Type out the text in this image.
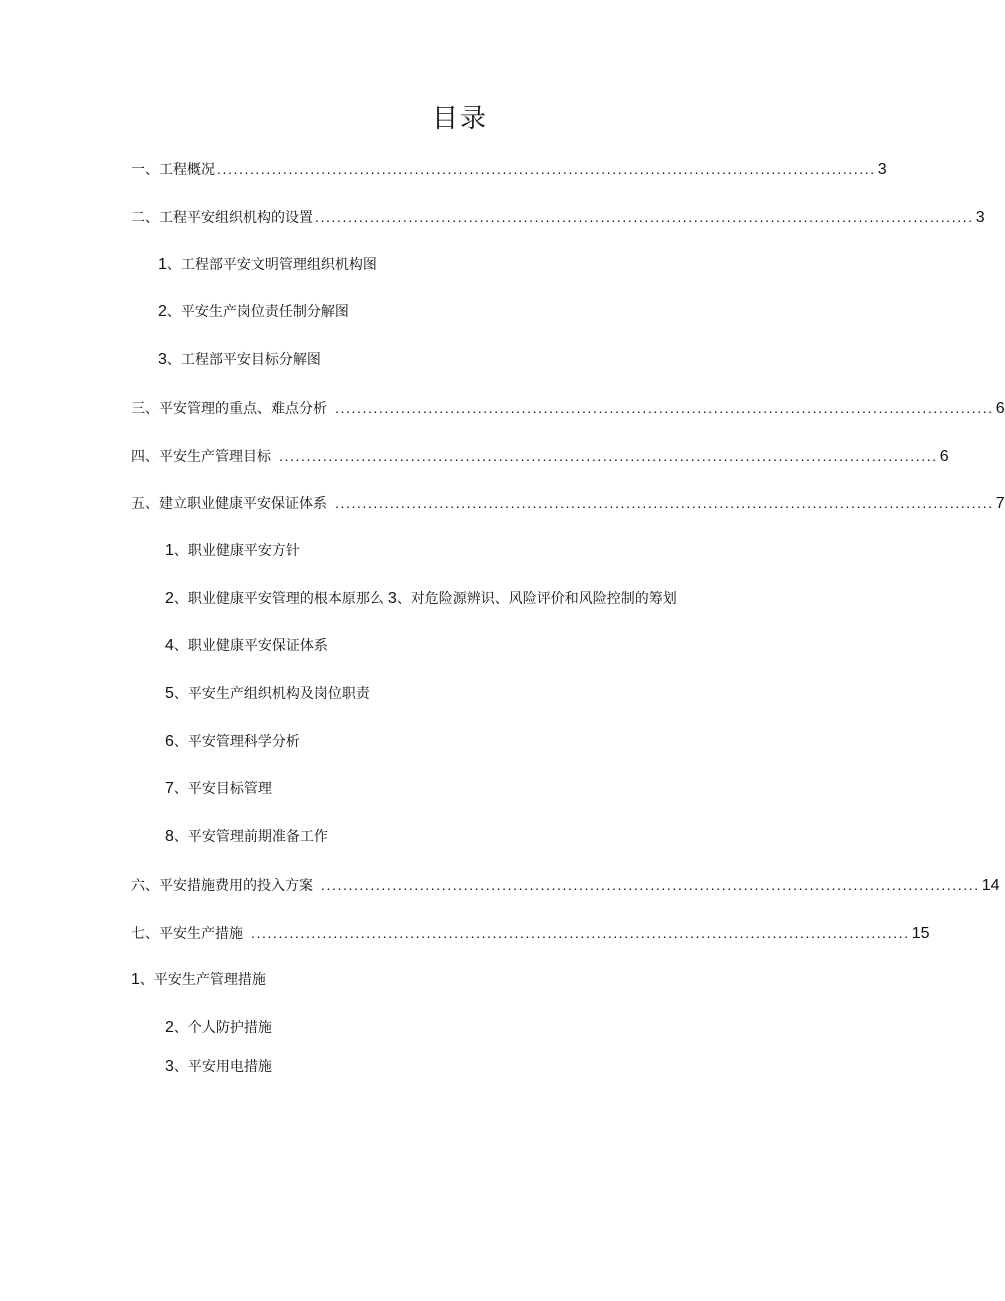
目录
一、工程概况 ........................................................................................................................ 3
二、工程平安组织机构的设置 ........................................................................................................................ 3
1 、工程部平安文明管理组织机构图
2 、平安生产岗位责任制分解图
3 、工程部平安目标分解图
三、平安管理的重点、难点分析 ........................................................................................................................ 6
四、平安生产管理目标 ........................................................................................................................ 6
五、建立职业健康平安保证体系 ........................................................................................................................ 7
1 、职业健康平安方针
2 、职业健康平安管理的根本原那么 3 、对危险源辨识、风险评价和风险控制的筹划
4 、职业健康平安保证体系
5 、平安生产组织机构及岗位职责
6 、平安管理科学分析
7 、平安目标管理
8 、平安管理前期准备工作
六、平安措施费用的投入方案 ........................................................................................................................ 14
七、平安生产措施 ........................................................................................................................ 15
1 、平安生产管理措施
2 、个人防护措施
3 、平安用电措施
